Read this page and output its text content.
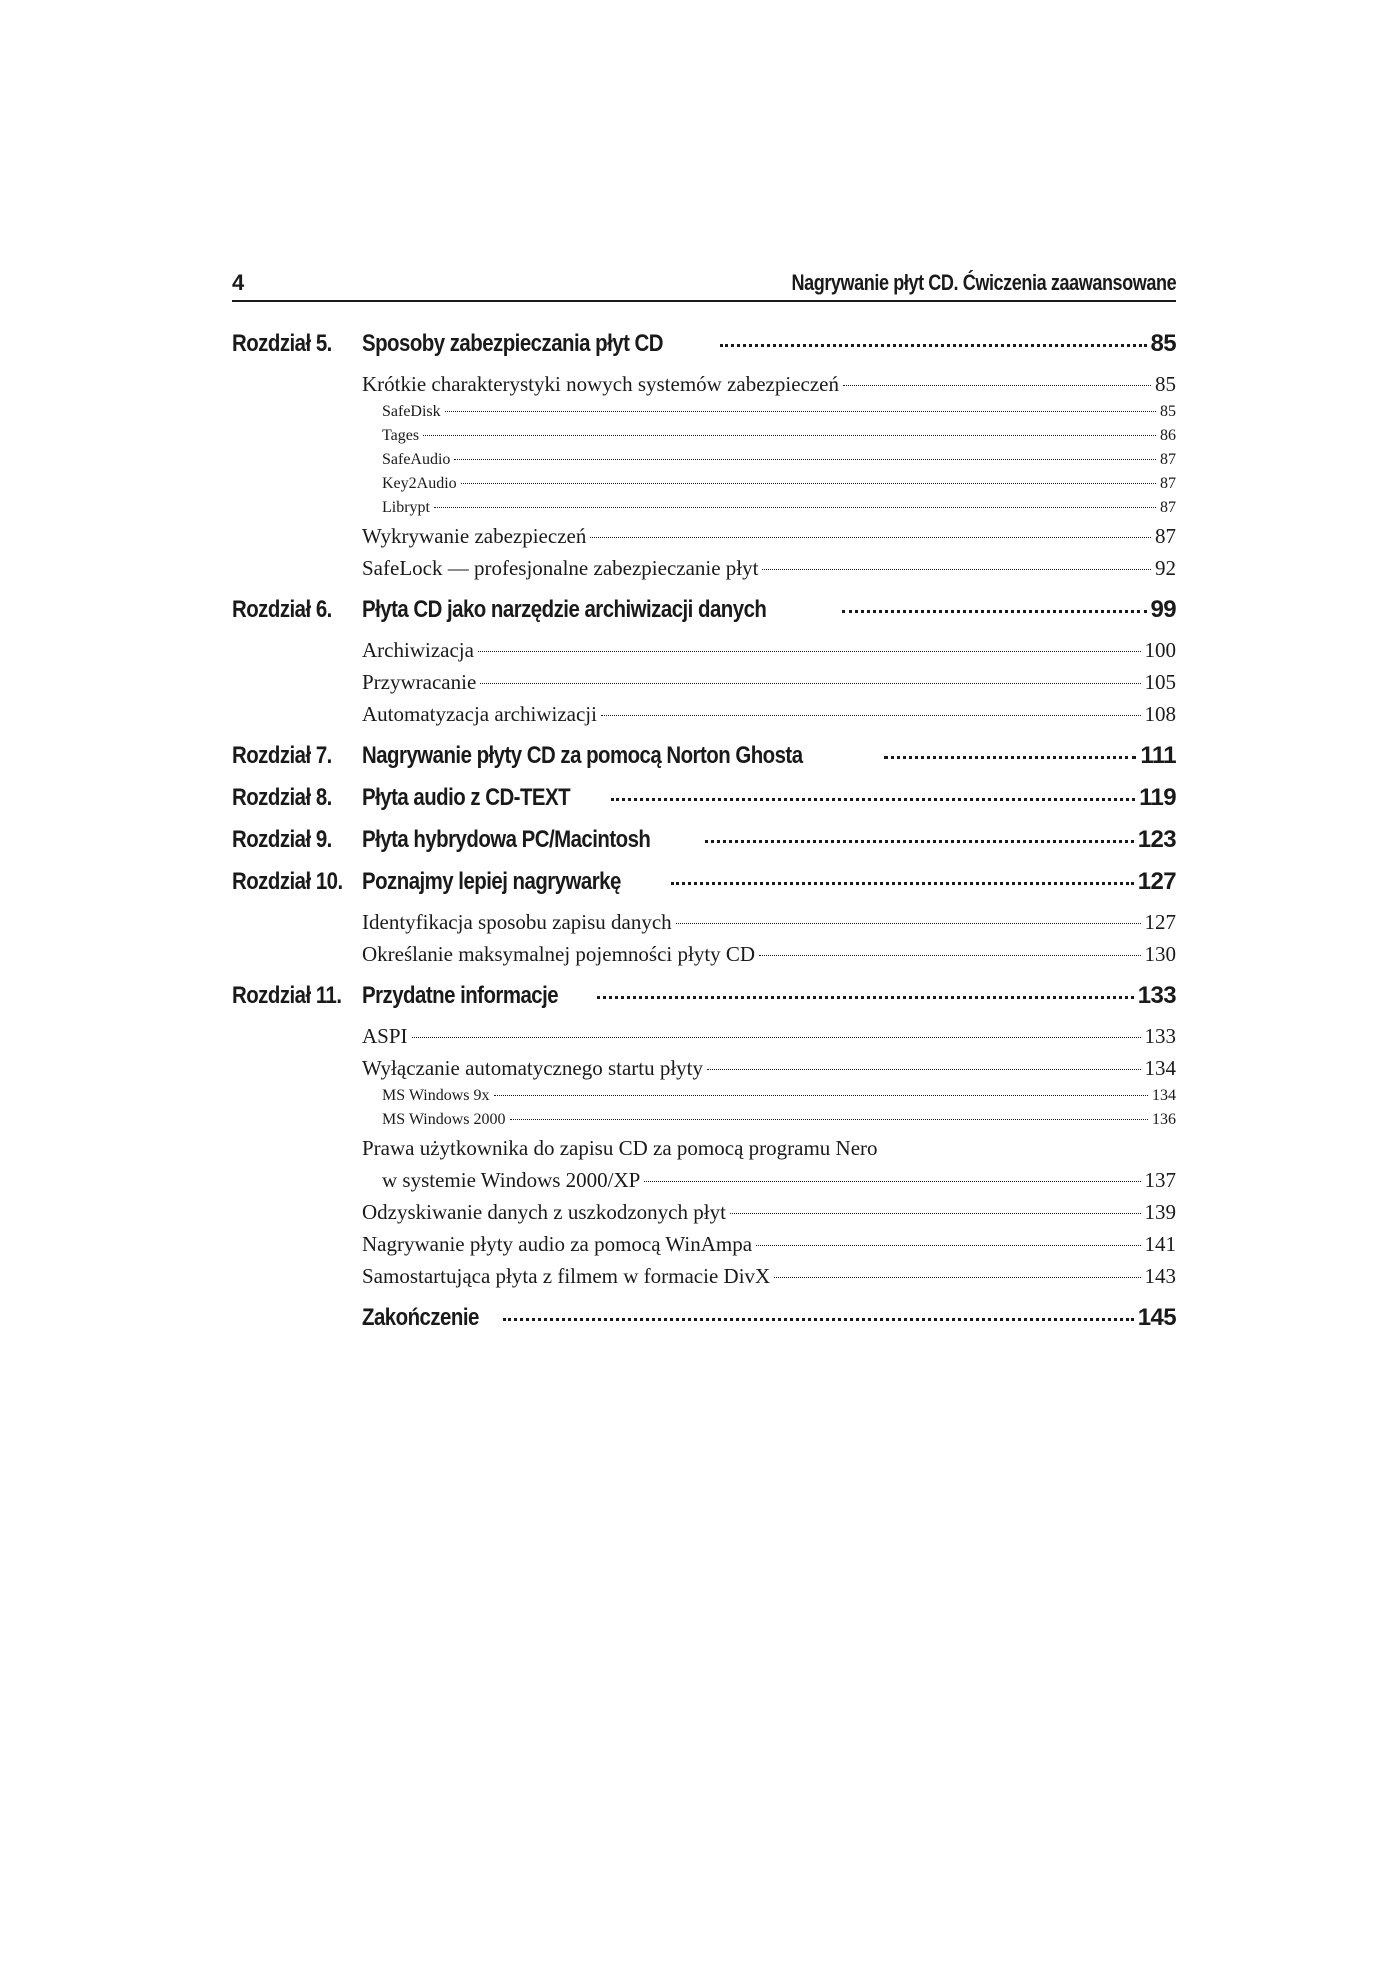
4	Nagrywanie płyt CD. Ćwiczenia zaawansowane
Rozdział 5.	Sposoby zabezpieczania płyt CD	85
Krótkie charakterystyki nowych systemów zabezpieczeń	85
SafeDisk	85
Tages	86
SafeAudio	87
Key2Audio	87
Librypt	87
Wykrywanie zabezpieczeń	87
SafeLock — profesjonalne zabezpieczanie płyt	92
Rozdział 6.	Płyta CD jako narzędzie archiwizacji danych	99
Archiwizacja	100
Przywracanie	105
Automatyzacja archiwizacji	108
Rozdział 7.	Nagrywanie płyty CD za pomocą Norton Ghosta	111
Rozdział 8.	Płyta audio z CD-TEXT	119
Rozdział 9.	Płyta hybrydowa PC/Macintosh	123
Rozdział 10. Poznajmy lepiej nagrywarkę	127
Identyfikacja sposobu zapisu danych	127
Określanie maksymalnej pojemności płyty CD	130
Rozdział 11. Przydatne informacje	133
ASPI	133
Wyłączanie automatycznego startu płyty	134
MS Windows 9x	134
MS Windows 2000	136
Prawa użytkownika do zapisu CD za pomocą programu Nero
w systemie Windows 2000/XP	137
Odzyskiwanie danych z uszkodzonych płyt	139
Nagrywanie płyty audio za pomocą WinAmpa	141
Samostartująca płyta z filmem w formacie DivX	143
Zakończenie	145
